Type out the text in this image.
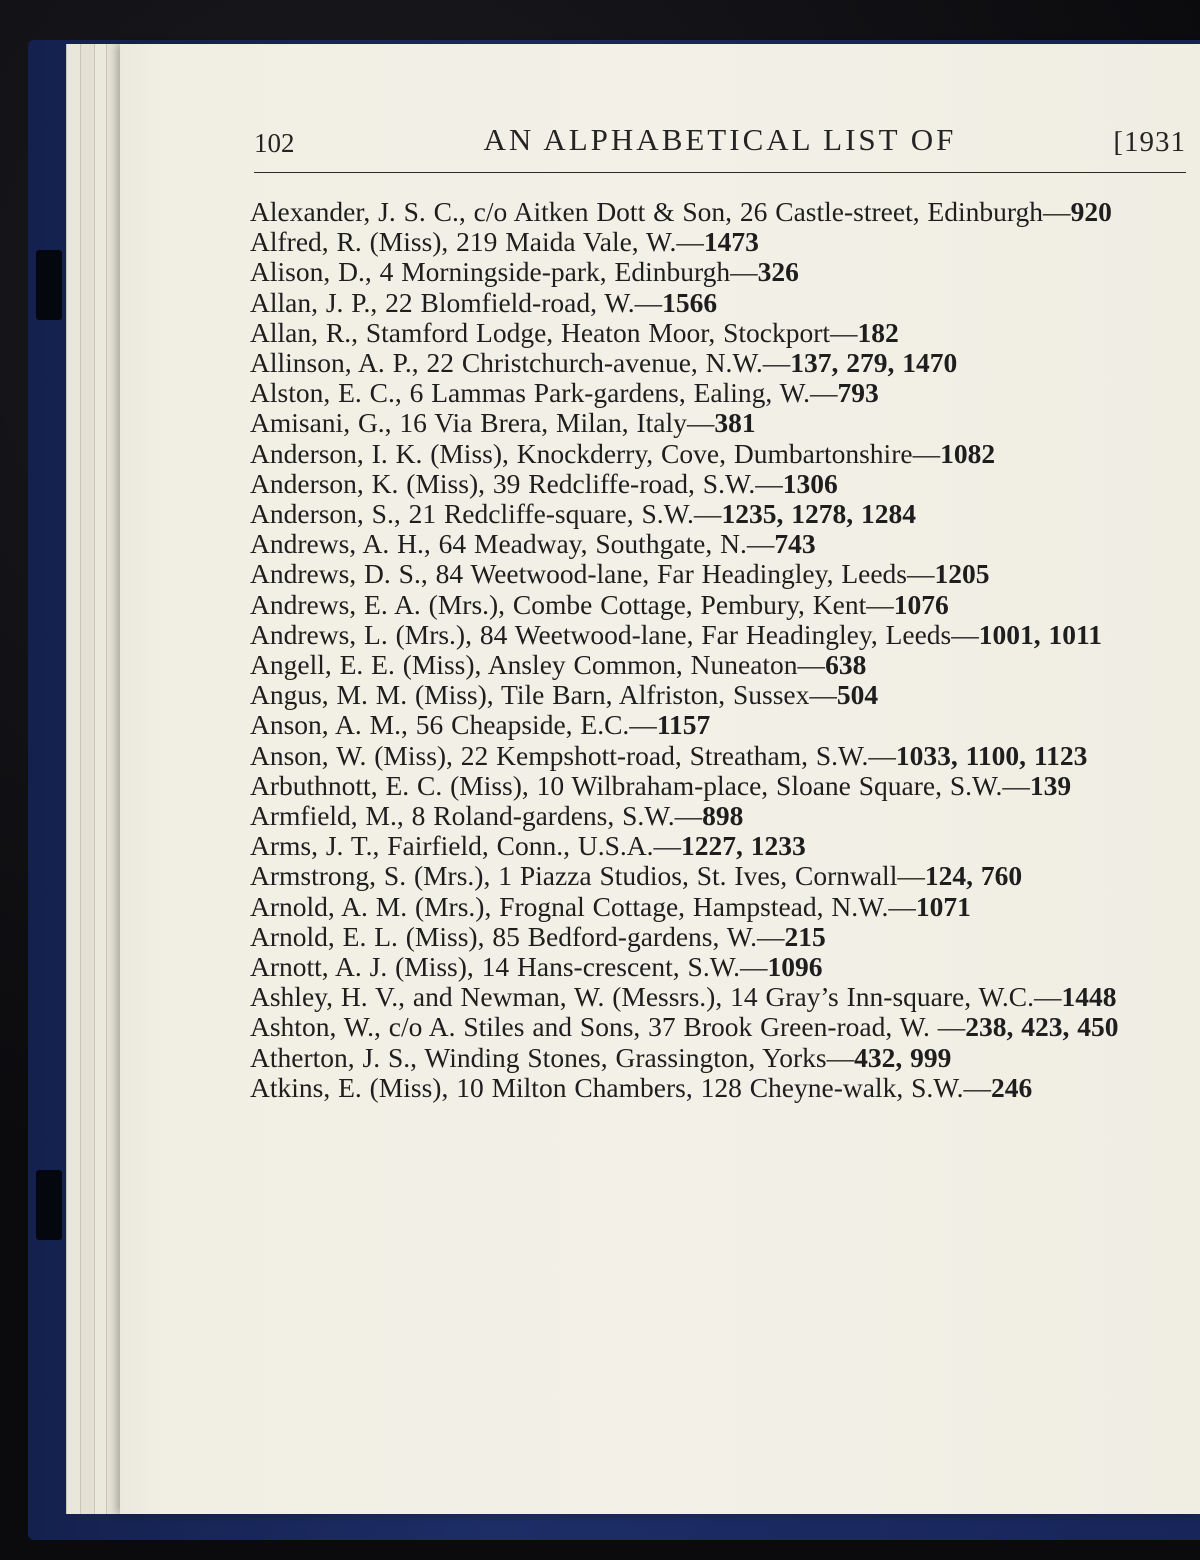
102	AN ALPHABETICAL LIST OF	[1931
Alexander, J. S. C., c/o Aitken Dott & Son, 26 Castle-street, Edinburgh—920
Alfred, R. (Miss), 219 Maida Vale, W.—1473
Alison, D., 4 Morningside-park, Edinburgh—326
Allan, J. P., 22 Blomfield-road, W.—1566
Allan, R., Stamford Lodge, Heaton Moor, Stockport—182
Allinson, A. P., 22 Christchurch-avenue, N.W.—137, 279, 1470
Alston, E. C., 6 Lammas Park-gardens, Ealing, W.—793
Amisani, G., 16 Via Brera, Milan, Italy—381
Anderson, I. K. (Miss), Knockderry, Cove, Dumbartonshire—1082
Anderson, K. (Miss), 39 Redcliffe-road, S.W.—1306
Anderson, S., 21 Redcliffe-square, S.W.—1235, 1278, 1284
Andrews, A. H., 64 Meadway, Southgate, N.—743
Andrews, D. S., 84 Weetwood-lane, Far Headingley, Leeds—1205
Andrews, E. A. (Mrs.), Combe Cottage, Pembury, Kent—1076
Andrews, L. (Mrs.), 84 Weetwood-lane, Far Headingley, Leeds—1001, 1011
Angell, E. E. (Miss), Ansley Common, Nuneaton—638
Angus, M. M. (Miss), Tile Barn, Alfriston, Sussex—504
Anson, A. M., 56 Cheapside, E.C.—1157
Anson, W. (Miss), 22 Kempshott-road, Streatham, S.W.—1033, 1100, 1123
Arbuthnott, E. C. (Miss), 10 Wilbraham-place, Sloane Square, S.W.—139
Armfield, M., 8 Roland-gardens, S.W.—898
Arms, J. T., Fairfield, Conn., U.S.A.—1227, 1233
Armstrong, S. (Mrs.), 1 Piazza Studios, St. Ives, Cornwall—124, 760
Arnold, A. M. (Mrs.), Frognal Cottage, Hampstead, N.W.—1071
Arnold, E. L. (Miss), 85 Bedford-gardens, W.—215
Arnott, A. J. (Miss), 14 Hans-crescent, S.W.—1096
Ashley, H. V., and Newman, W. (Messrs.), 14 Gray’s Inn-square, W.C.—1448
Ashton, W., c/o A. Stiles and Sons, 37 Brook Green-road, W. —238, 423, 450
Atherton, J. S., Winding Stones, Grassington, Yorks—432, 999
Atkins, E. (Miss), 10 Milton Chambers, 128 Cheyne-walk, S.W.—246
